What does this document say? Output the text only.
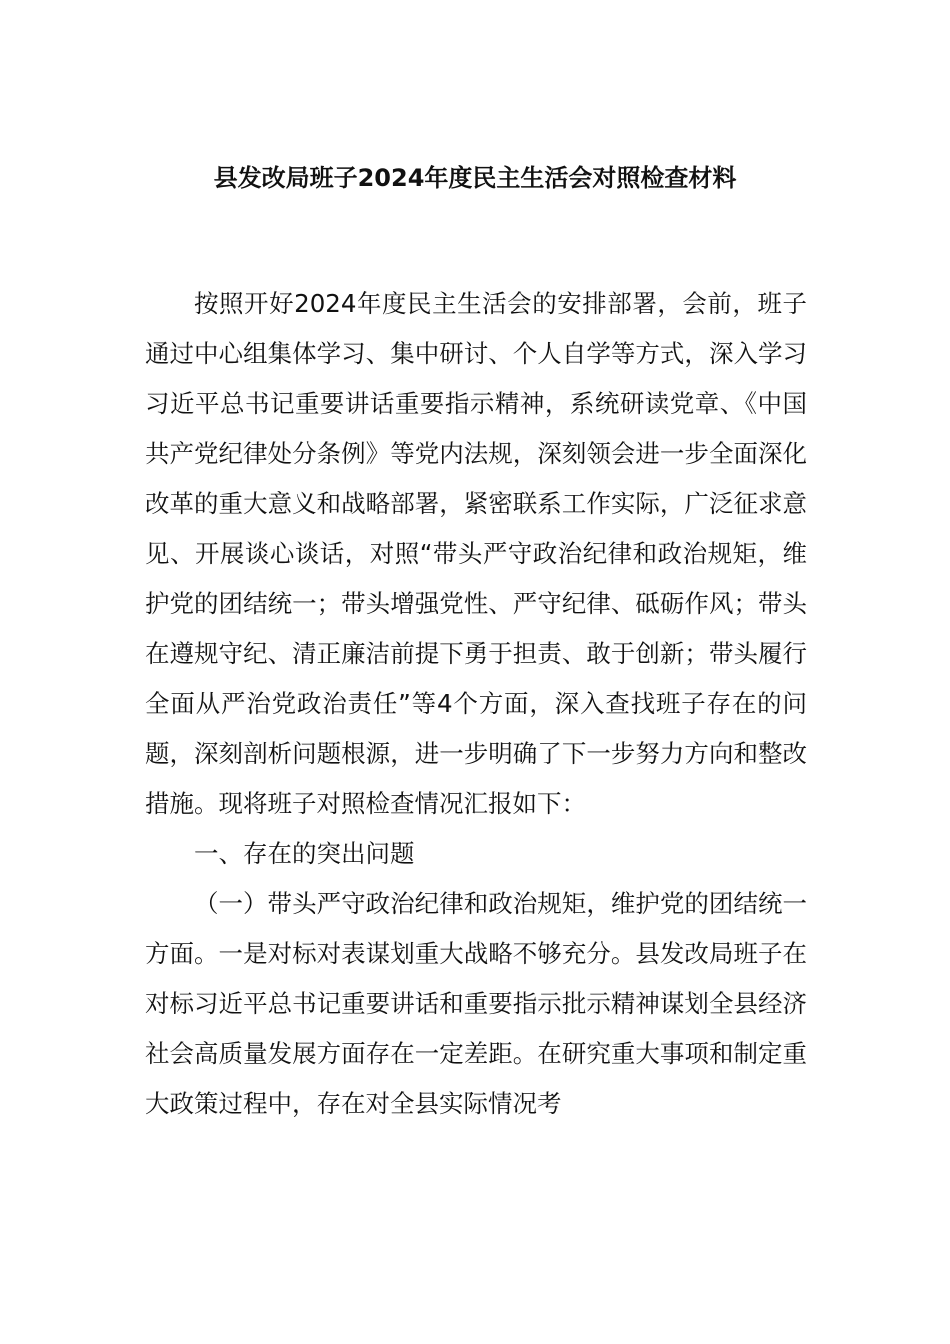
县发改局班子2024年度民主生活会对照检查材料

按照开好2024年度民主生活会的安排部署，会前，班子通过中心组集体学习、集中研讨、个人自学等方式，深入学习习近平总书记重要讲话重要指示精神，系统研读党章、《中国共产党纪律处分条例》等党内法规，深刻领会进一步全面深化改革的重大意义和战略部署，紧密联系工作实际，广泛征求意见、开展谈心谈话，对照“带头严守政治纪律和政治规矩，维护党的团结统一；带头增强党性、严守纪律、砥砺作风；带头在遵规守纪、清正廉洁前提下勇于担责、敢于创新；带头履行全面从严治党政治责任”等4个方面，深入查找班子存在的问题，深刻剖析问题根源，进一步明确了下一步努力方向和整改措施。现将班子对照检查情况汇报如下：

一、存在的突出问题

（一）带头严守政治纪律和政治规矩，维护党的团结统一方面。一是对标对表谋划重大战略不够充分。县发改局班子在对标习近平总书记重要讲话和重要指示批示精神谋划全县经济社会高质量发展方面存在一定差距。在研究重大事项和制定重大政策过程中，存在对全县实际情况考
